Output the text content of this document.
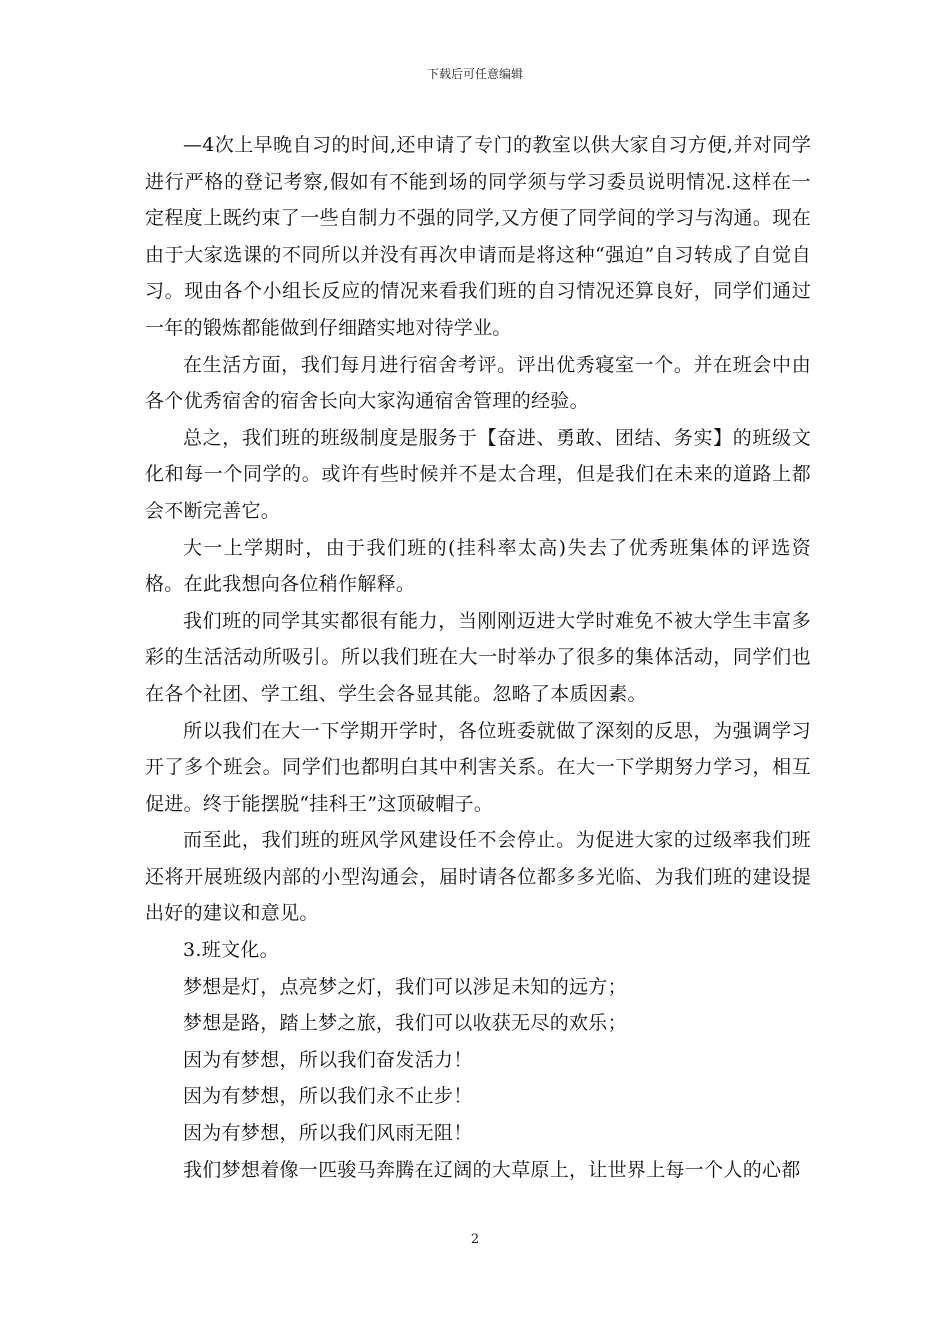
下载后可任意编辑

—4次上早晚自习的时间,还申请了专门的教室以供大家自习方便,并对同学进行严格的登记考察,假如有不能到场的同学须与学习委员说明情况.这样在一定程度上既约束了一些自制力不强的同学,又方便了同学间的学习与沟通。现在由于大家选课的不同所以并没有再次申请而是将这种“强迫”自习转成了自觉自习。现由各个小组长反应的情况来看我们班的自习情况还算良好，同学们通过一年的锻炼都能做到仔细踏实地对待学业。

在生活方面，我们每月进行宿舍考评。评出优秀寝室一个。并在班会中由各个优秀宿舍的宿舍长向大家沟通宿舍管理的经验。

总之，我们班的班级制度是服务于【奋进、勇敢、团结、务实】的班级文化和每一个同学的。或许有些时候并不是太合理，但是我们在未来的道路上都会不断完善它。

大一上学期时，由于我们班的(挂科率太高)失去了优秀班集体的评选资格。在此我想向各位稍作解释。

我们班的同学其实都很有能力，当刚刚迈进大学时难免不被大学生丰富多彩的生活活动所吸引。所以我们班在大一时举办了很多的集体活动，同学们也在各个社团、学工组、学生会各显其能。忽略了本质因素。

所以我们在大一下学期开学时，各位班委就做了深刻的反思，为强调学习开了多个班会。同学们也都明白其中利害关系。在大一下学期努力学习，相互促进。终于能摆脱“挂科王”这顶破帽子。

而至此，我们班的班风学风建设任不会停止。为促进大家的过级率我们班还将开展班级内部的小型沟通会，届时请各位都多多光临、为我们班的建设提出好的建议和意见。

3.班文化。

梦想是灯，点亮梦之灯，我们可以涉足未知的远方；

梦想是路，踏上梦之旅，我们可以收获无尽的欢乐；

因为有梦想，所以我们奋发活力！

因为有梦想，所以我们永不止步！

因为有梦想，所以我们风雨无阻！

我们梦想着像一匹骏马奔腾在辽阔的大草原上，让世界上每一个人的心都

2
